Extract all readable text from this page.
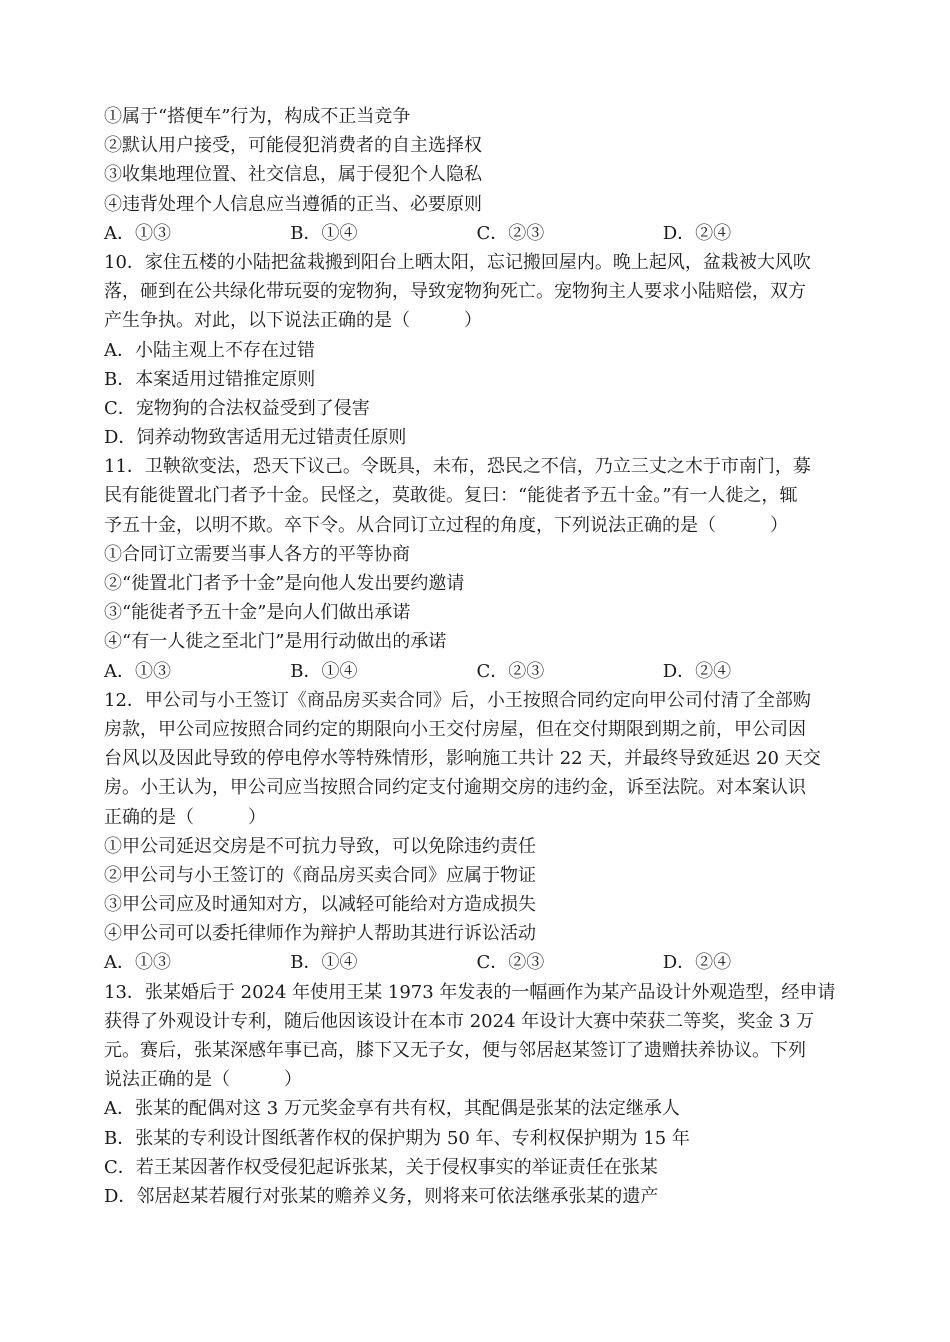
①属于“搭便车”行为，构成不正当竞争
②默认用户接受，可能侵犯消费者的自主选择权
③收集地理位置、社交信息，属于侵犯个人隐私
④违背处理个人信息应当遵循的正当、必要原则
A．①③	B．①④	C．②③	D．②④
10．家住五楼的小陆把盆栽搬到阳台上晒太阳，忘记搬回屋内。晚上起风，盆栽被大风吹
落，砸到在公共绿化带玩耍的宠物狗，导致宠物狗死亡。宠物狗主人要求小陆赔偿，双方
产生争执。对此，以下说法正确的是（　　　）
A．小陆主观上不存在过错
B．本案适用过错推定原则
C．宠物狗的合法权益受到了侵害
D．饲养动物致害适用无过错责任原则
11．卫鞅欲变法，恐天下议己。令既具，未布，恐民之不信，乃立三丈之木于市南门，募
民有能徙置北门者予十金。民怪之，莫敢徙。复曰：“能徙者予五十金。”有一人徙之，辄
予五十金，以明不欺。卒下令。从合同订立过程的角度，下列说法正确的是（　　　）
①合同订立需要当事人各方的平等协商
②“徙置北门者予十金”是向他人发出要约邀请
③“能徙者予五十金”是向人们做出承诺
④“有一人徙之至北门”是用行动做出的承诺
A．①③	B．①④	C．②③	D．②④
12．甲公司与小王签订《商品房买卖合同》后，小王按照合同约定向甲公司付清了全部购
房款，甲公司应按照合同约定的期限向小王交付房屋，但在交付期限到期之前，甲公司因
台风以及因此导致的停电停水等特殊情形，影响施工共计 22 天，并最终导致延迟 20 天交
房。小王认为，甲公司应当按照合同约定支付逾期交房的违约金，诉至法院。对本案认识
正确的是（　　　）
①甲公司延迟交房是不可抗力导致，可以免除违约责任
②甲公司与小王签订的《商品房买卖合同》应属于物证
③甲公司应及时通知对方，以减轻可能给对方造成损失
④甲公司可以委托律师作为辩护人帮助其进行诉讼活动
A．①③	B．①④	C．②③	D．②④
13．张某婚后于 2024 年使用王某 1973 年发表的一幅画作为某产品设计外观造型，经申请
获得了外观设计专利，随后他因该设计在本市 2024 年设计大赛中荣获二等奖，奖金 3 万
元。赛后，张某深感年事已高，膝下又无子女，便与邻居赵某签订了遗赠扶养协议。下列
说法正确的是（　　　）
A．张某的配偶对这 3 万元奖金享有共有权，其配偶是张某的法定继承人
B．张某的专利设计图纸著作权的保护期为 50 年、专利权保护期为 15 年
C．若王某因著作权受侵犯起诉张某，关于侵权事实的举证责任在张某
D．邻居赵某若履行对张某的赡养义务，则将来可依法继承张某的遗产
